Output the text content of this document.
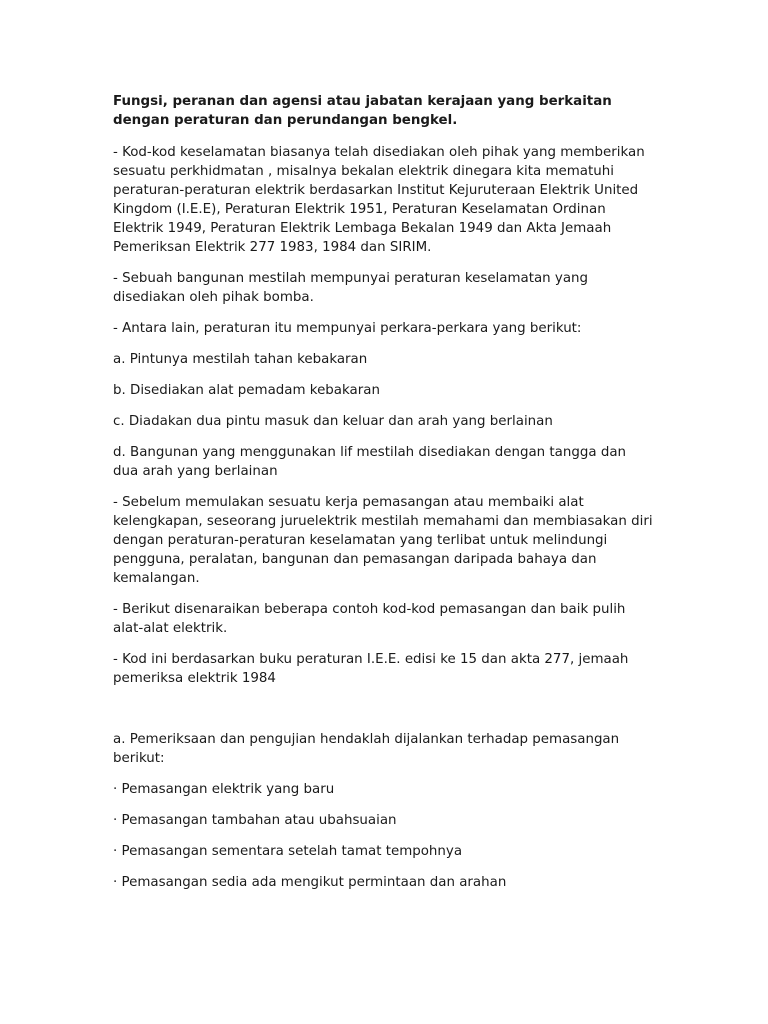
Fungsi, peranan dan agensi atau jabatan kerajaan yang berkaitan dengan peraturan dan perundangan bengkel.

- Kod-kod keselamatan biasanya telah disediakan oleh pihak yang memberikan sesuatu perkhidmatan , misalnya bekalan elektrik dinegara kita mematuhi peraturan-peraturan elektrik berdasarkan Institut Kejuruteraan Elektrik United Kingdom (I.E.E), Peraturan Elektrik 1951, Peraturan Keselamatan Ordinan Elektrik 1949, Peraturan Elektrik Lembaga Bekalan 1949 dan Akta Jemaah Pemeriksan Elektrik 277 1983, 1984 dan SIRIM.

- Sebuah bangunan mestilah mempunyai peraturan keselamatan yang disediakan oleh pihak bomba.

- Antara lain, peraturan itu mempunyai perkara-perkara yang berikut:

a. Pintunya mestilah tahan kebakaran

b. Disediakan alat pemadam kebakaran

c. Diadakan dua pintu masuk dan keluar dan arah yang berlainan

d. Bangunan yang menggunakan lif mestilah disediakan dengan tangga dan dua arah yang berlainan

- Sebelum memulakan sesuatu kerja pemasangan atau membaiki alat kelengkapan, seseorang juruelektrik mestilah memahami dan membiasakan diri dengan peraturan-peraturan keselamatan yang terlibat untuk melindungi pengguna, peralatan, bangunan dan pemasangan daripada bahaya dan kemalangan.

- Berikut disenaraikan beberapa contoh kod-kod pemasangan dan baik pulih alat-alat elektrik.

- Kod ini berdasarkan buku peraturan I.E.E. edisi ke 15 dan akta 277, jemaah pemeriksa elektrik 1984

a. Pemeriksaan dan pengujian hendaklah dijalankan terhadap pemasangan berikut:

· Pemasangan elektrik yang baru

· Pemasangan tambahan atau ubahsuaian

· Pemasangan sementara setelah tamat tempohnya

· Pemasangan sedia ada mengikut permintaan dan arahan
